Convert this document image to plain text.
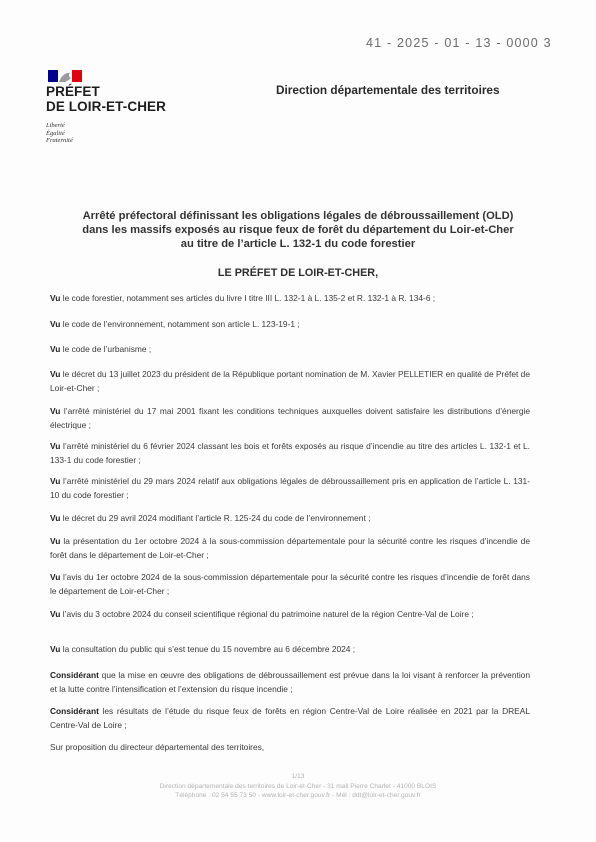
41 - 2025 - 01 - 13 - 0000 3
PRÉFET
DE LOIR-ET-CHER
Liberté
Égalité
Fraternité
Direction départementale des territoires
Arrêté préfectoral définissant les obligations légales de débroussaillement (OLD)
dans les massifs exposés au risque feux de forêt du département du Loir-et-Cher
au titre de l’article L. 132-1 du code forestier
LE PRÉFET DE LOIR-ET-CHER,
Vu le code forestier, notamment ses articles du livre I titre III L. 132-1 à L. 135-2 et R. 132-1 à R. 134-6 ;
Vu le code de l’environnement, notamment son article L. 123-19-1 ;
Vu le code de l’urbanisme ;
Vu le décret du 13 juillet 2023 du président de la République portant nomination de M. Xavier PELLETIER en qualité de Préfet de Loir-et-Cher ;
Vu l’arrêté ministériel du 17 mai 2001 fixant les conditions techniques auxquelles doivent satisfaire les distributions d’énergie électrique ;
Vu l’arrêté ministériel du 6 février 2024 classant les bois et forêts exposés au risque d’incendie au titre des articles L. 132-1 et L. 133-1 du code forestier ;
Vu l’arrêté ministériel du 29 mars 2024 relatif aux obligations légales de débroussaillement pris en application de l’article L. 131-10 du code forestier ;
Vu le décret du 29 avril 2024 modifiant l’article R. 125-24 du code de l’environnement ;
Vu la présentation du 1er octobre 2024 à la sous-commission départementale pour la sécurité contre les risques d’incendie de forêt dans le département de Loir-et-Cher ;
Vu l’avis du 1er octobre 2024 de la sous-commission départementale pour la sécurité contre les risques d’incendie de forêt dans le département de Loir-et-Cher ;
Vu l’avis du 3 octobre 2024 du conseil scientifique régional du patrimoine naturel de la région Centre-Val de Loire ;
Vu la consultation du public qui s’est tenue du 15 novembre au 6 décembre 2024 ;
Considérant que la mise en œuvre des obligations de débroussaillement est prévue dans la loi visant à renforcer la prévention et la lutte contre l’intensification et l’extension du risque incendie ;
Considérant les résultats de l’étude du risque feux de forêts en région Centre-Val de Loire réalisée en 2021 par la DREAL Centre-Val de Loire ;
Sur proposition du directeur départemental des territoires,
1/13
Direction départementale des territoires de Loir-et-Cher - 31 mail Pierre Charlet - 41000 BLOIS
Téléphone : 02 54 55 73 50 - www.loir-et-cher.gouv.fr - Mél : ddt@loir-et-cher.gouv.fr
